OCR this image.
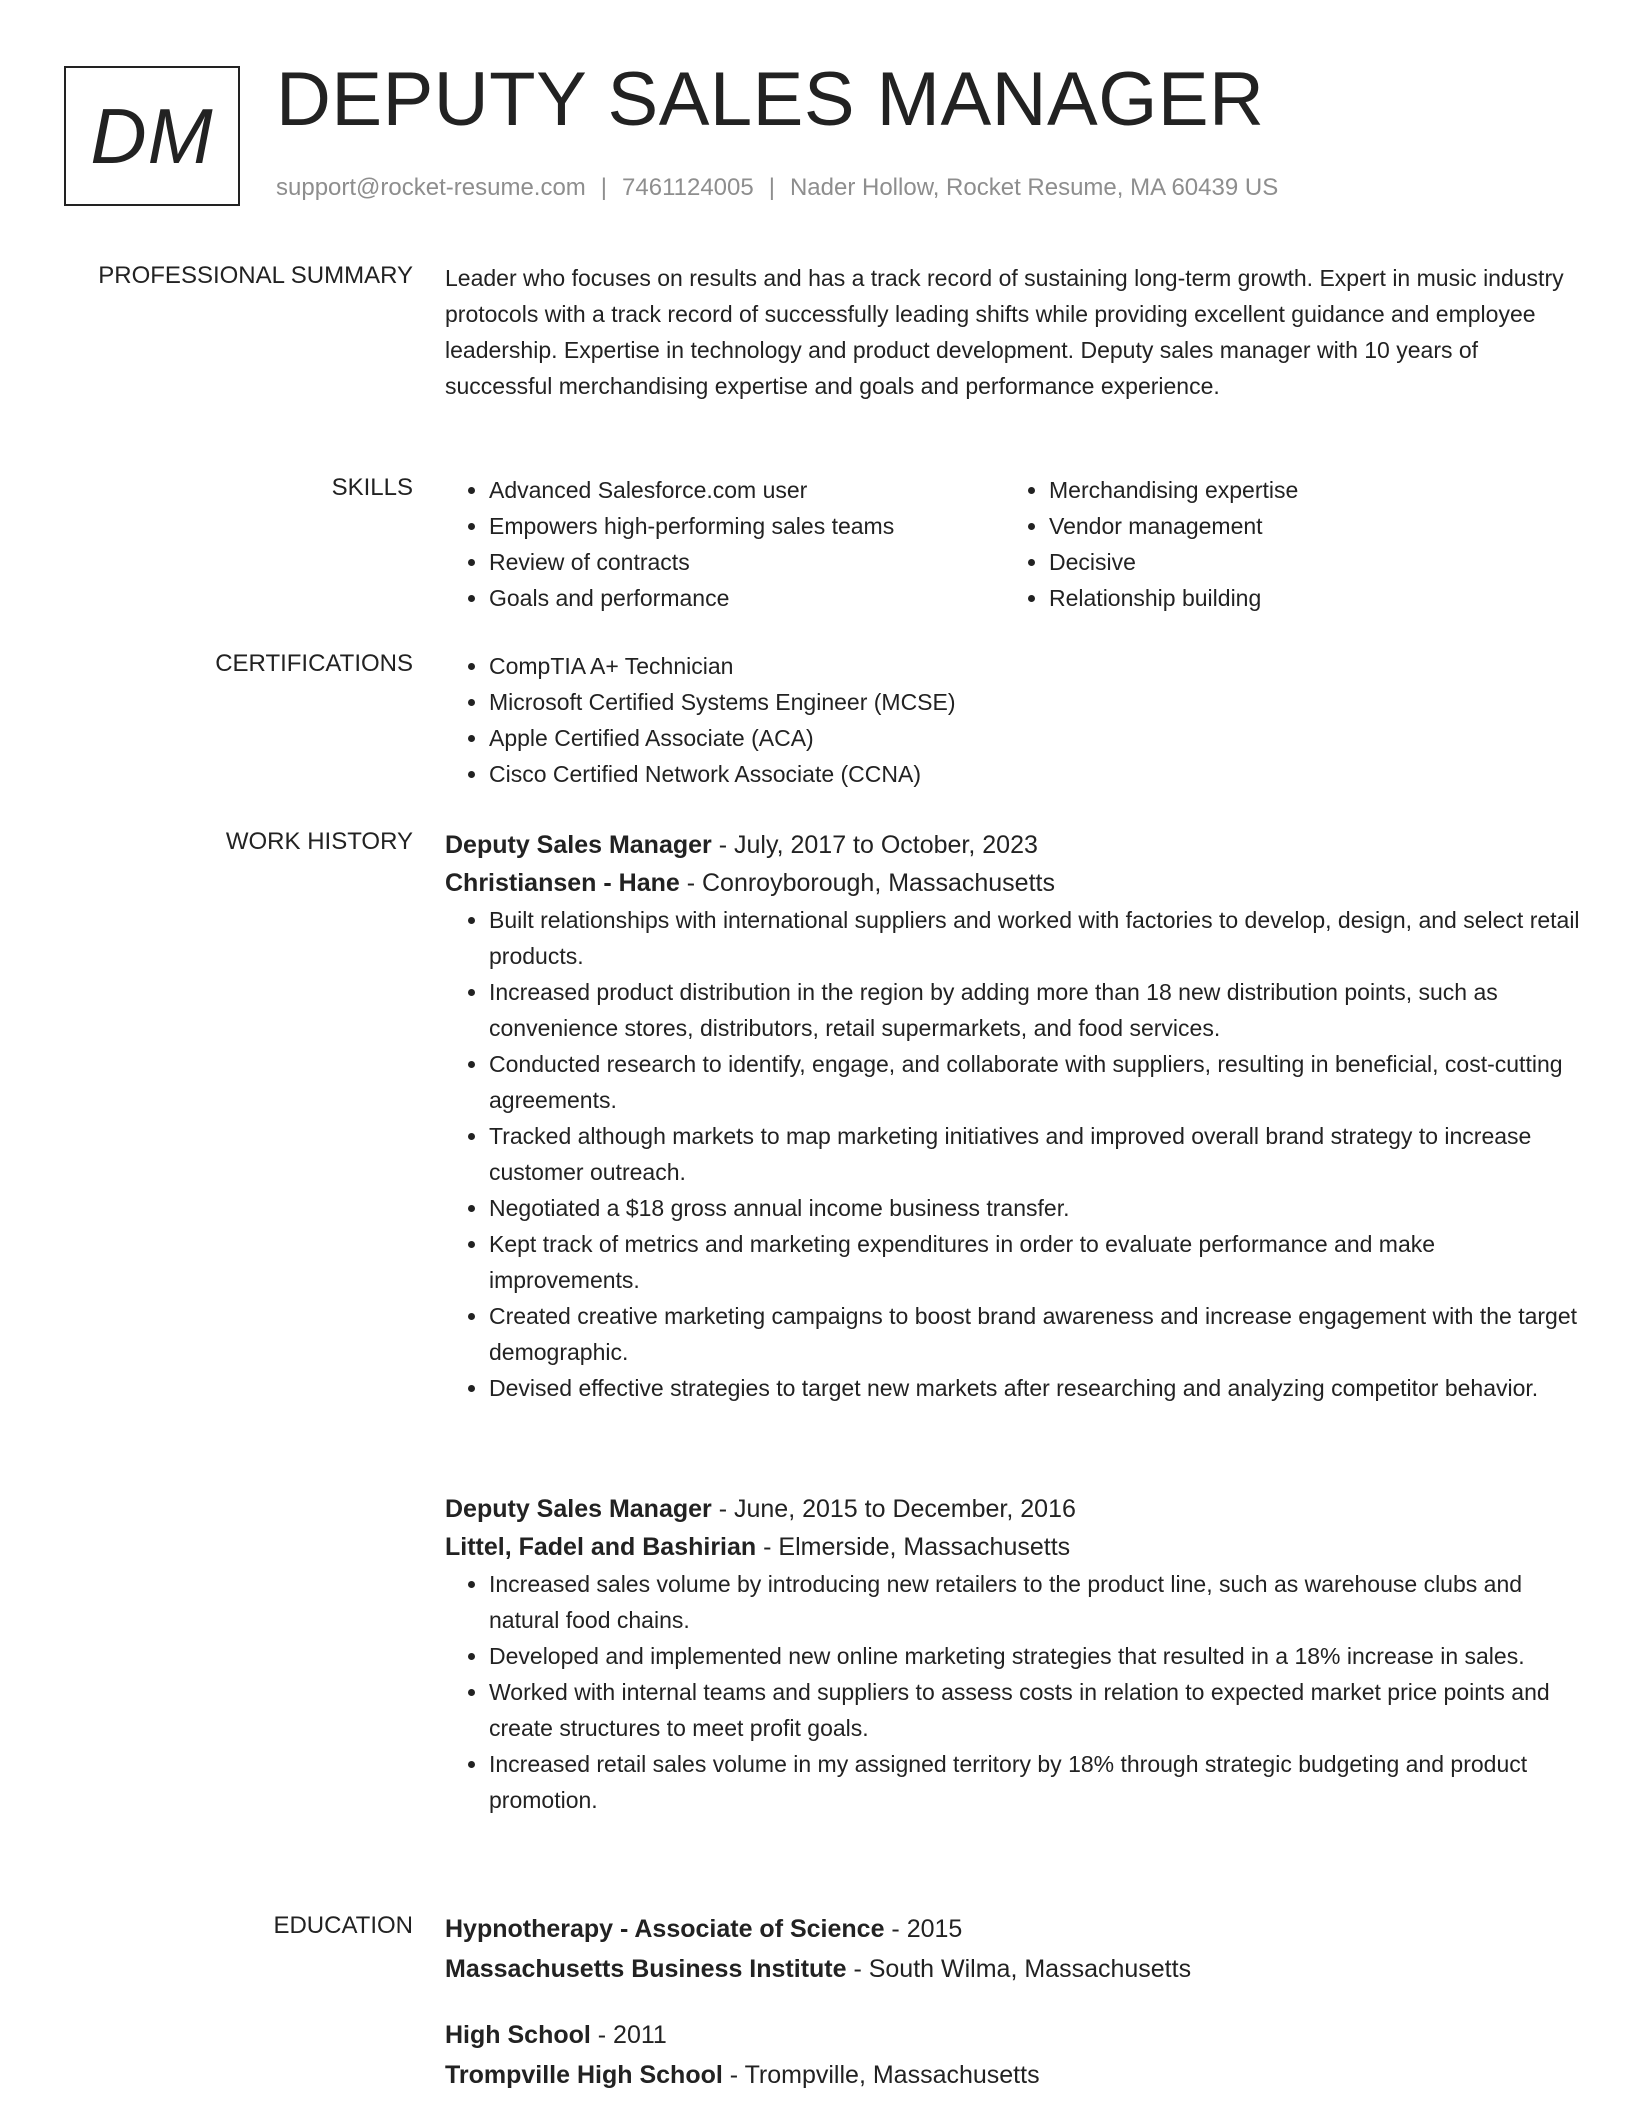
DM DEPUTY SALES MANAGER
support@rocket-resume.com | 7461124005 | Nader Hollow, Rocket Resume, MA 60439 US
PROFESSIONAL SUMMARY Leader who focuses on results and has a track record of sustaining long-term growth. Expert in music industry protocols with a track record of successfully leading shifts while providing excellent guidance and employee leadership. Expertise in technology and product development. Deputy sales manager with 10 years of successful merchandising expertise and goals and performance experience.

SKILLS	• Advanced Salesforce.com user
• Empowers high-performing sales teams
• Review of contracts
• Goals and performance
• Merchandising expertise
• Vendor management
• Decisive
• Relationship building
CERTIFICATIONS	• CompTIA A+ Technician
• Microsoft Certified Systems Engineer (MCSE)
• Apple Certified Associate (ACA)
• Cisco Certified Network Associate (CCNA)
WORK HISTORY Deputy Sales Manager - July, 2017 to October, 2023
Christiansen - Hane - Conroyborough, Massachusetts
• Built relationships with international suppliers and worked with factories to develop, design, and select retail products.
• Increased product distribution in the region by adding more than 18 new distribution points, such as convenience stores, distributors, retail supermarkets, and food services.
• Conducted research to identify, engage, and collaborate with suppliers, resulting in beneficial, cost-cutting agreements.
• Tracked although markets to map marketing initiatives and improved overall brand strategy to increase customer outreach.
• Negotiated a $18 gross annual income business transfer.
• Kept track of metrics and marketing expenditures in order to evaluate performance and make improvements.
• Created creative marketing campaigns to boost brand awareness and increase engagement with the target demographic.
• Devised effective strategies to target new markets after researching and analyzing competitor behavior.
Deputy Sales Manager - June, 2015 to December, 2016
Littel, Fadel and Bashirian - Elmerside, Massachusetts
• Increased sales volume by introducing new retailers to the product line, such as warehouse clubs and natural food chains.
• Developed and implemented new online marketing strategies that resulted in a 18% increase in sales.
• Worked with internal teams and suppliers to assess costs in relation to expected market price points and create structures to meet profit goals.
• Increased retail sales volume in my assigned territory by 18% through strategic budgeting and product promotion.
EDUCATION Hypnotherapy - Associate of Science - 2015
Massachusetts Business Institute - South Wilma, Massachusetts
High School - 2011
Trompville High School - Trompville, Massachusetts
